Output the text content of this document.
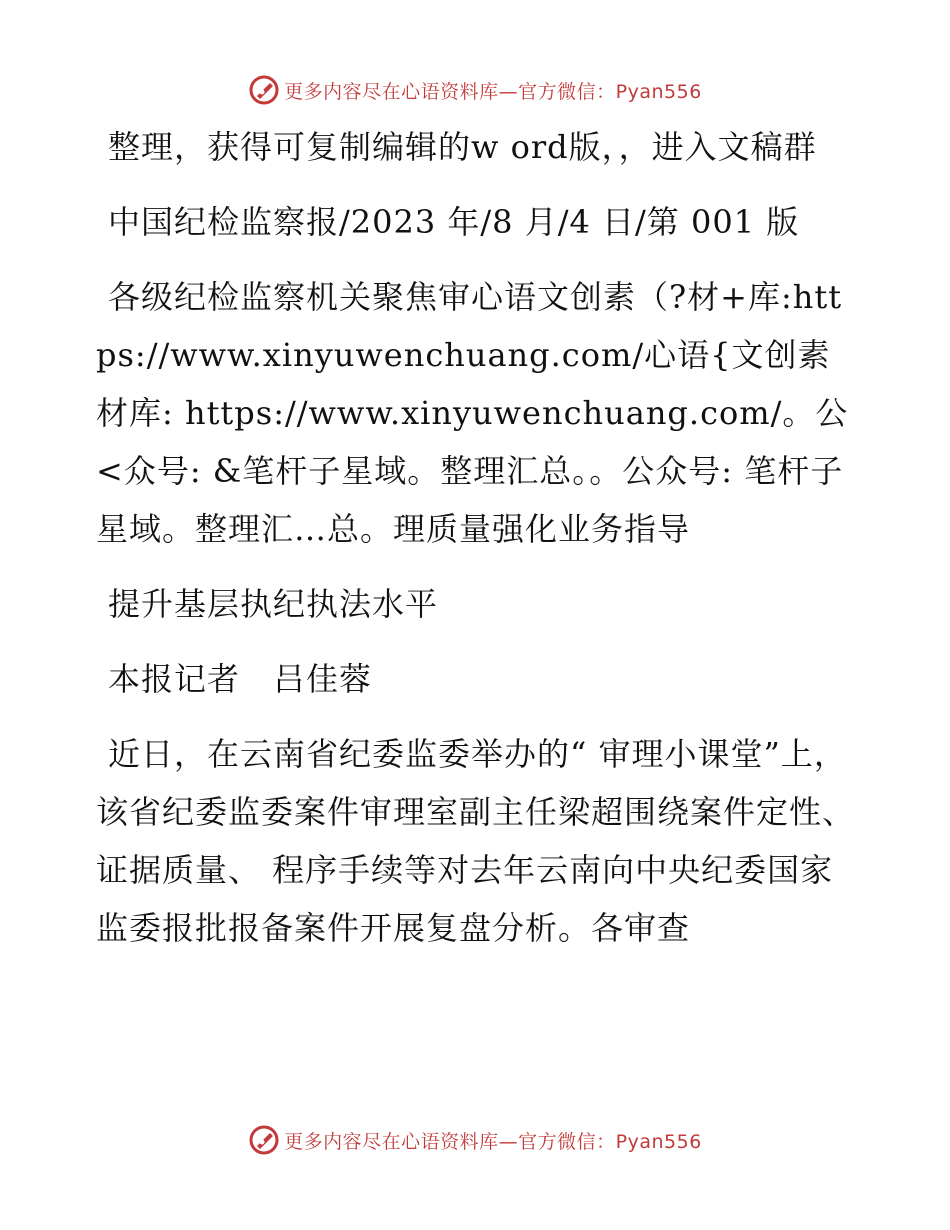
更多内容尽在心语资料库—官方微信：Pyan556

整理，获得可复制编辑的w ord版，，进入文稿群

中国纪检监察报/2023 年/8 月/4 日/第 001 版

各级纪检监察机关聚焦审心语文创素（?材+库:https://www.xinyuwenchuang.com/心语{文创素材库: https://www.xinyuwenchuang.com/。公<众号: &笔杆子星域。整理汇总。。公众号: 笔杆子星域。整理汇…总。理质量强化业务指导

提升基层执纪执法水平

本报记者　吕佳蓉

近日，在云南省纪委监委举办的“ 审理小课堂”上，该省纪委监委案件审理室副主任梁超围绕案件定性、 证据质量、 程序手续等对去年云南向中央纪委国家监委报批报备案件开展复盘分析。各审查

更多内容尽在心语资料库—官方微信：Pyan556
